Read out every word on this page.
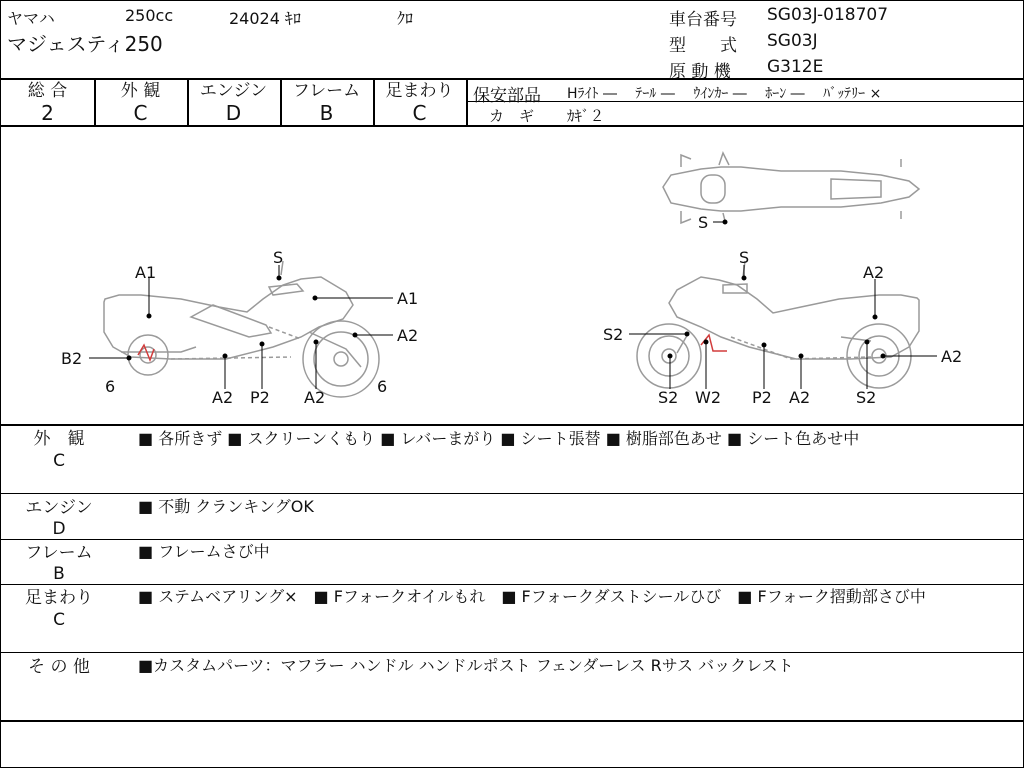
ヤマハ	250cc	24024 ｷﾛ	ｸﾛ
マジェスティ250
車台番号 SG03J-018707
型　　式 SG03J
原 動 機 G312E
総 合
2
外 観
C
エンジン
D
フレーム
B
足まわり
C
保安部品 Hﾗｲﾄ ―　 ﾃｰﾙ ―　 ｳｲﾝｶｰ ―　 ﾎｰﾝ ―　 ﾊﾞｯﾃﾘｰ ×
カ　ギ ｶｷﾞ２
A1
S
A1
A2
B2
6	6
A2 P2 A2
S
A2
S2
A2
S2 W2 P2 A2	S2
S
外　観
C
■ 各所きず ■ スクリーンくもり ■ レバーまがり ■ シート張替 ■ 樹脂部色あせ ■ シート色あせ中
エンジン
D
■ 不動 クランキングOK
フレーム
B
■ フレームさび中
足まわり
C
■ ステムベアリング×　■ Fフォークオイルもれ　■ Fフォークダストシールひび　■ Fフォーク摺動部さび中
そ の 他	■カスタムパーツ：マフラー ハンドル ハンドルポスト フェンダーレス Rサス バックレスト
